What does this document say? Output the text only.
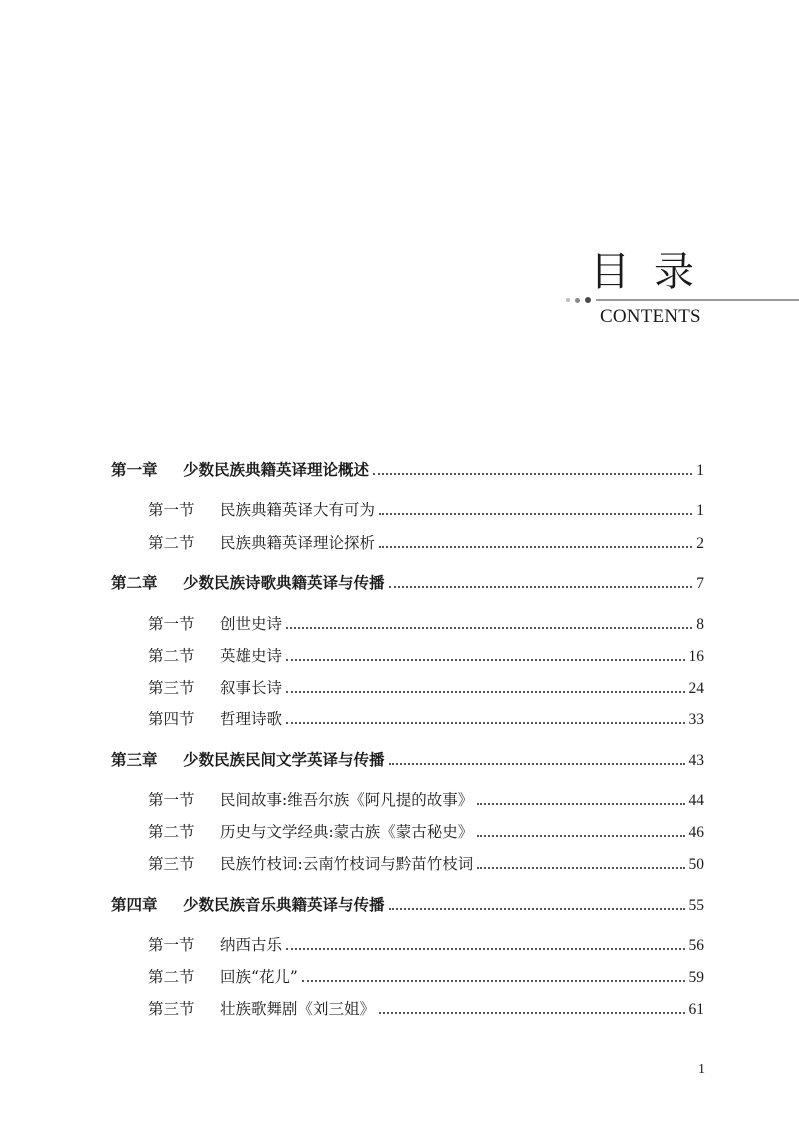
目录
CONTENTS
第一章	少数民族典籍英译理论概述	1
第一节	民族典籍英译大有可为	1
第二节	民族典籍英译理论探析	2
第二章	少数民族诗歌典籍英译与传播	7
第一节	创世史诗	8
第二节	英雄史诗	16
第三节	叙事长诗	24
第四节	哲理诗歌	33
第三章	少数民族民间文学英译与传播	43
第一节	民间故事:维吾尔族《阿凡提的故事》	44
第二节	历史与文学经典:蒙古族《蒙古秘史》	46
第三节	民族竹枝词:云南竹枝词与黔苗竹枝词	50
第四章	少数民族音乐典籍英译与传播	55
第一节	纳西古乐	56
第二节	回族“花儿”	59
第三节	壮族歌舞剧《刘三姐》	61
1
